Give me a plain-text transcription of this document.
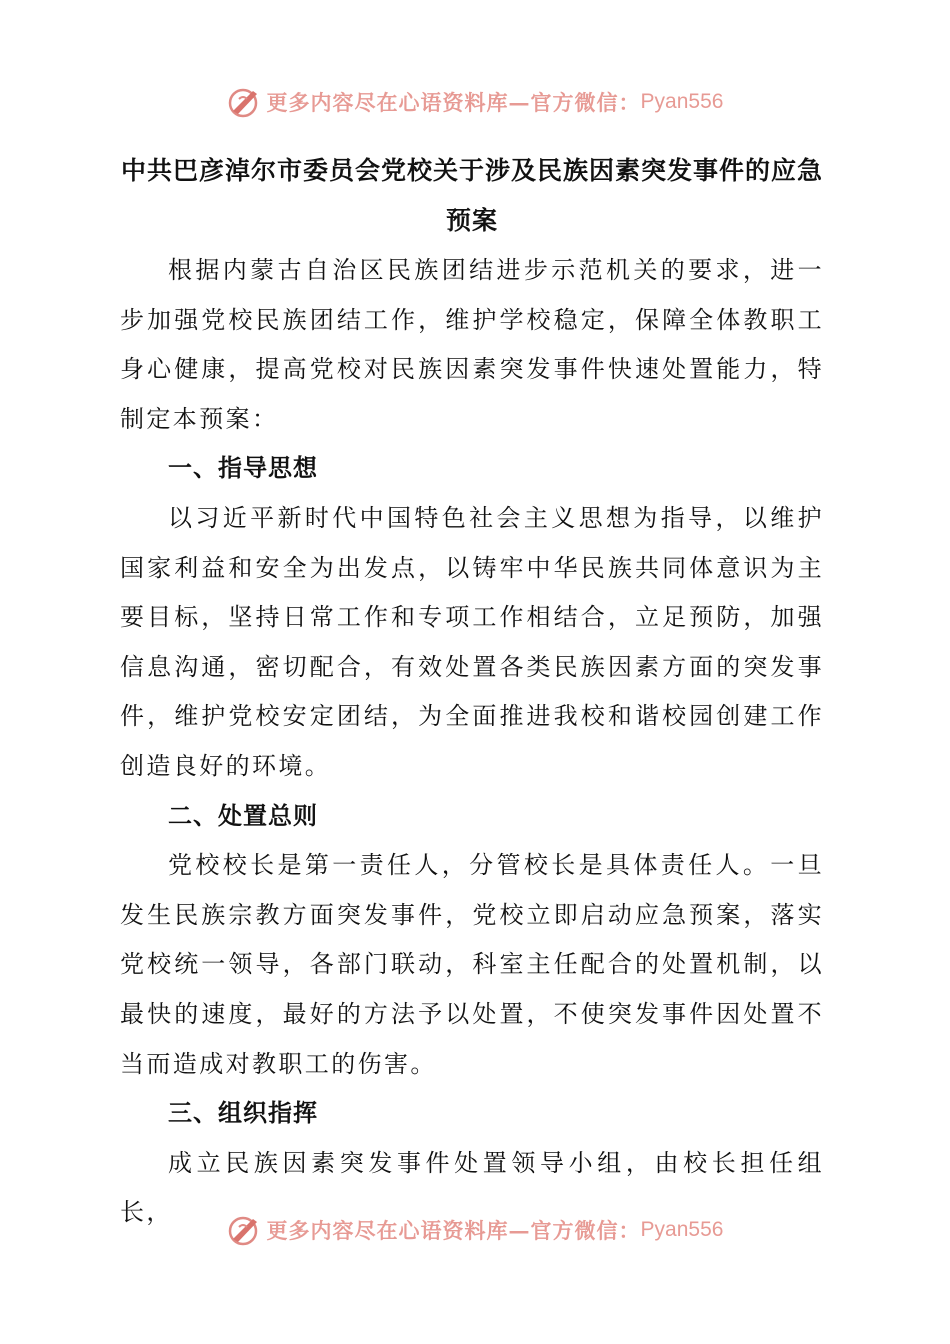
更多内容尽在心语资料库—官方微信： Pyan556

中共巴彦淖尔市委员会党校关于涉及民族因素突发事件的应急

预案

根据内蒙古自治区民族团结进步示范机关的要求，进一步加强党校民族团结工作，维护学校稳定，保障全体教职工身心健康，提高党校对民族因素突发事件快速处置能力，特制定本预案：

一、指导思想

以习近平新时代中国特色社会主义思想为指导，以维护国家利益和安全为出发点，以铸牢中华民族共同体意识为主要目标，坚持日常工作和专项工作相结合，立足预防，加强信息沟通，密切配合，有效处置各类民族因素方面的突发事件，维护党校安定团结，为全面推进我校和谐校园创建工作创造良好的环境。

二、处置总则

党校校长是第一责任人，分管校长是具体责任人。一旦发生民族宗教方面突发事件，党校立即启动应急预案，落实党校统一领导，各部门联动，科室主任配合的处置机制，以最快的速度，最好的方法予以处置，不使突发事件因处置不当而造成对教职工的伤害。

三、组织指挥

成立民族因素突发事件处置领导小组，由校长担任组长，

更多内容尽在心语资料库—官方微信： Pyan556
